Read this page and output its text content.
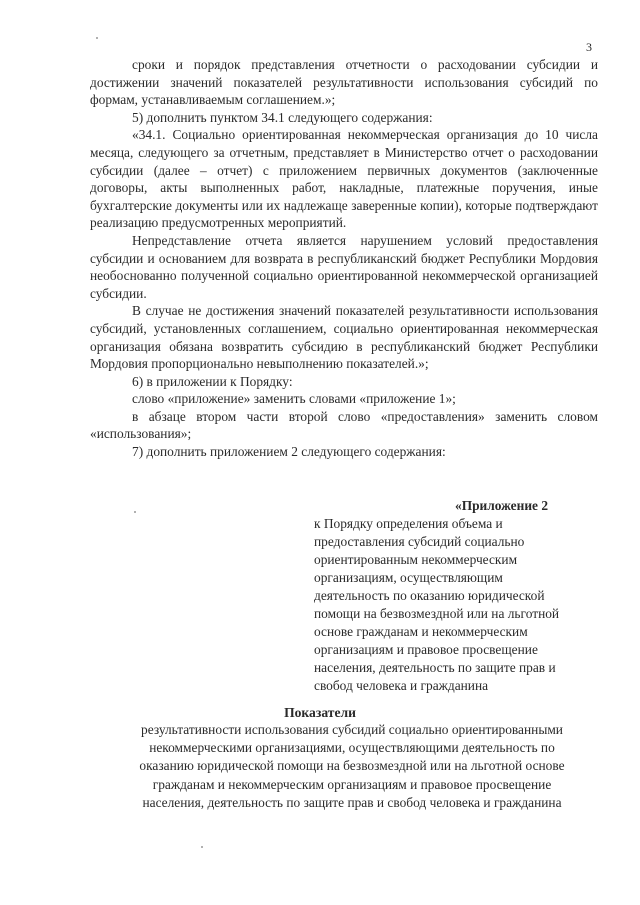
3

сроки и порядок представления отчетности о расходовании субсидии и достижении значений показателей результативности использования субсидий по формам, устанавливаемым соглашением.»;

5) дополнить пунктом 34.1 следующего содержания:

«34.1. Социально ориентированная некоммерческая организация до 10 числа месяца, следующего за отчетным, представляет в Министерство отчет о расходовании субсидии (далее – отчет) с приложением первичных документов (заключенные договоры, акты выполненных работ, накладные, платежные поручения, иные бухгалтерские документы или их надлежаще заверенные копии), которые подтверждают реализацию предусмотренных мероприятий.

Непредставление отчета является нарушением условий предоставления субсидии и основанием для возврата в республиканский бюджет Республики Мордовия необоснованно полученной социально ориентированной некоммерческой организацией субсидии.

В случае не достижения значений показателей результативности использования субсидий, установленных соглашением, социально ориентированная некоммерческая организация обязана возвратить субсидию в республиканский бюджет Республики Мордовия пропорционально невыполнению показателей.»;

6) в приложении к Порядку:

слово «приложение» заменить словами «приложение 1»;

в абзаце втором части второй слово «предоставления» заменить словом «использования»;

7) дополнить приложением 2 следующего содержания:

«Приложение 2
к Порядку определения объема и
предоставления субсидий социально
ориентированным некоммерческим
организациям, осуществляющим
деятельность по оказанию юридической
помощи на безвозмездной или на льготной
основе гражданам и некоммерческим
организациям и правовое просвещение
населения, деятельность по защите прав и
свобод человека и гражданина
Показатели
результативности использования субсидий социально ориентированными
некоммерческими организациями, осуществляющими деятельность по
оказанию юридической помощи на безвозмездной или на льготной основе
гражданам и некоммерческим организациям и правовое просвещение
населения, деятельность по защите прав и свобод человека и гражданина
